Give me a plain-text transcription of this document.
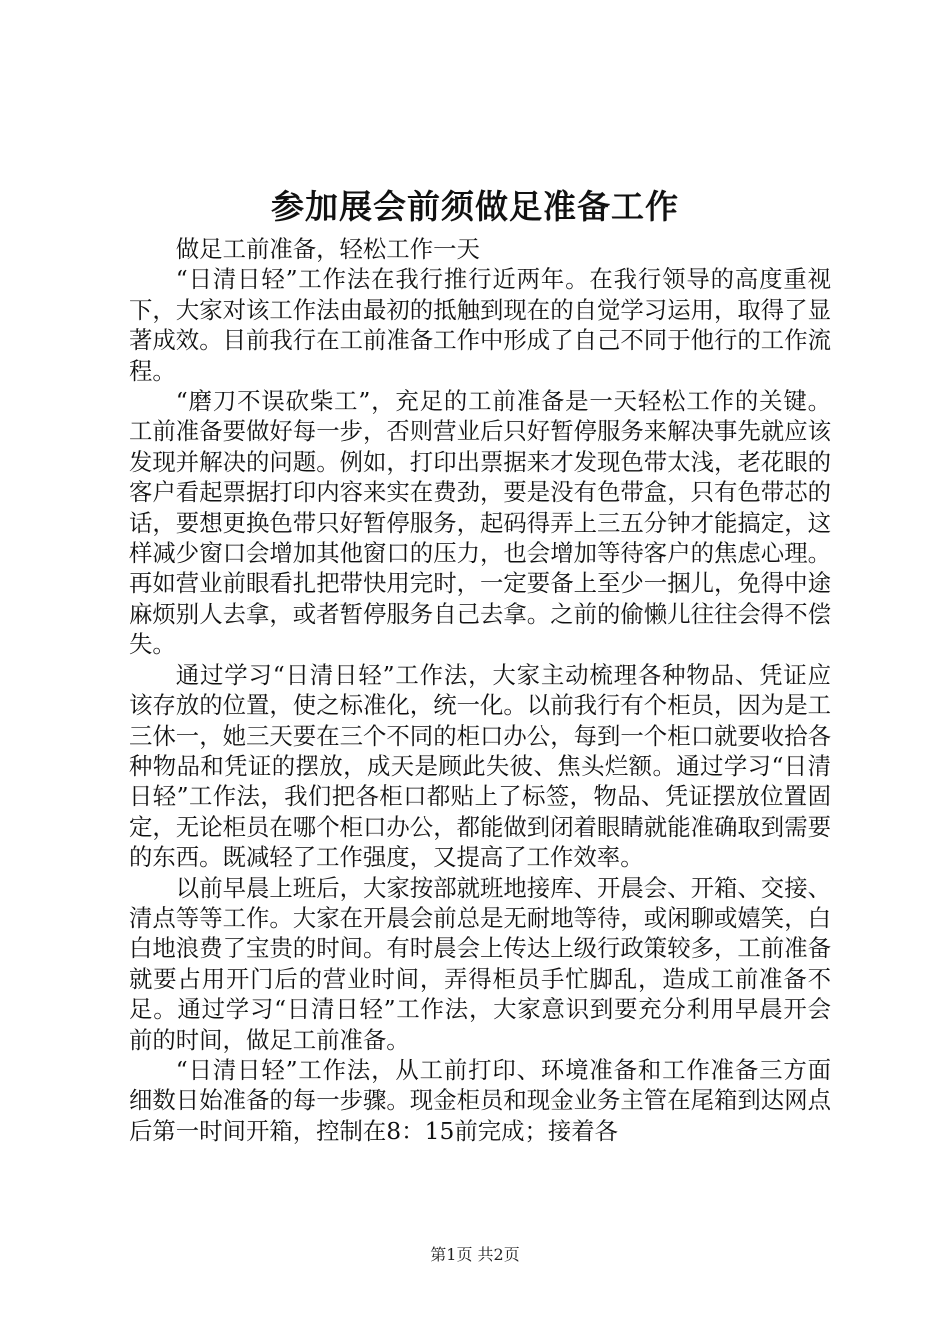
参加展会前须做足准备工作

做足工前准备，轻松工作一天

“日清日轻”工作法在我行推行近两年。在我行领导的高度重视下，大家对该工作法由最初的抵触到现在的自觉学习运用，取得了显著成效。目前我行在工前准备工作中形成了自己不同于他行的工作流程。

“磨刀不误砍柴工”，充足的工前准备是一天轻松工作的关键。工前准备要做好每一步，否则营业后只好暂停服务来解决事先就应该发现并解决的问题。例如，打印出票据来才发现色带太浅，老花眼的客户看起票据打印内容来实在费劲，要是没有色带盒，只有色带芯的话，要想更换色带只好暂停服务，起码得弄上三五分钟才能搞定，这样减少窗口会增加其他窗口的压力，也会增加等待客户的焦虑心理。再如营业前眼看扎把带快用完时，一定要备上至少一捆儿，免得中途麻烦别人去拿，或者暂停服务自己去拿。之前的偷懒儿往往会得不偿失。

通过学习“日清日轻”工作法，大家主动梳理各种物品、凭证应该存放的位置，使之标准化，统一化。以前我行有个柜员，因为是工三休一，她三天要在三个不同的柜口办公，每到一个柜口就要收拾各种物品和凭证的摆放，成天是顾此失彼、焦头烂额。通过学习“日清日轻”工作法，我们把各柜口都贴上了标签，物品、凭证摆放位置固定，无论柜员在哪个柜口办公，都能做到闭着眼睛就能准确取到需要的东西。既减轻了工作强度，又提高了工作效率。

以前早晨上班后，大家按部就班地接库、开晨会、开箱、交接、清点等等工作。大家在开晨会前总是无耐地等待，或闲聊或嬉笑，白白地浪费了宝贵的时间。有时晨会上传达上级行政策较多，工前准备就要占用开门后的营业时间，弄得柜员手忙脚乱，造成工前准备不足。通过学习“日清日轻”工作法，大家意识到要充分利用早晨开会前的时间，做足工前准备。

“日清日轻”工作法，从工前打印、环境准备和工作准备三方面细数日始准备的每一步骤。现金柜员和现金业务主管在尾箱到达网点后第一时间开箱，控制在8：15前完成；接着各

第1页 共2页
